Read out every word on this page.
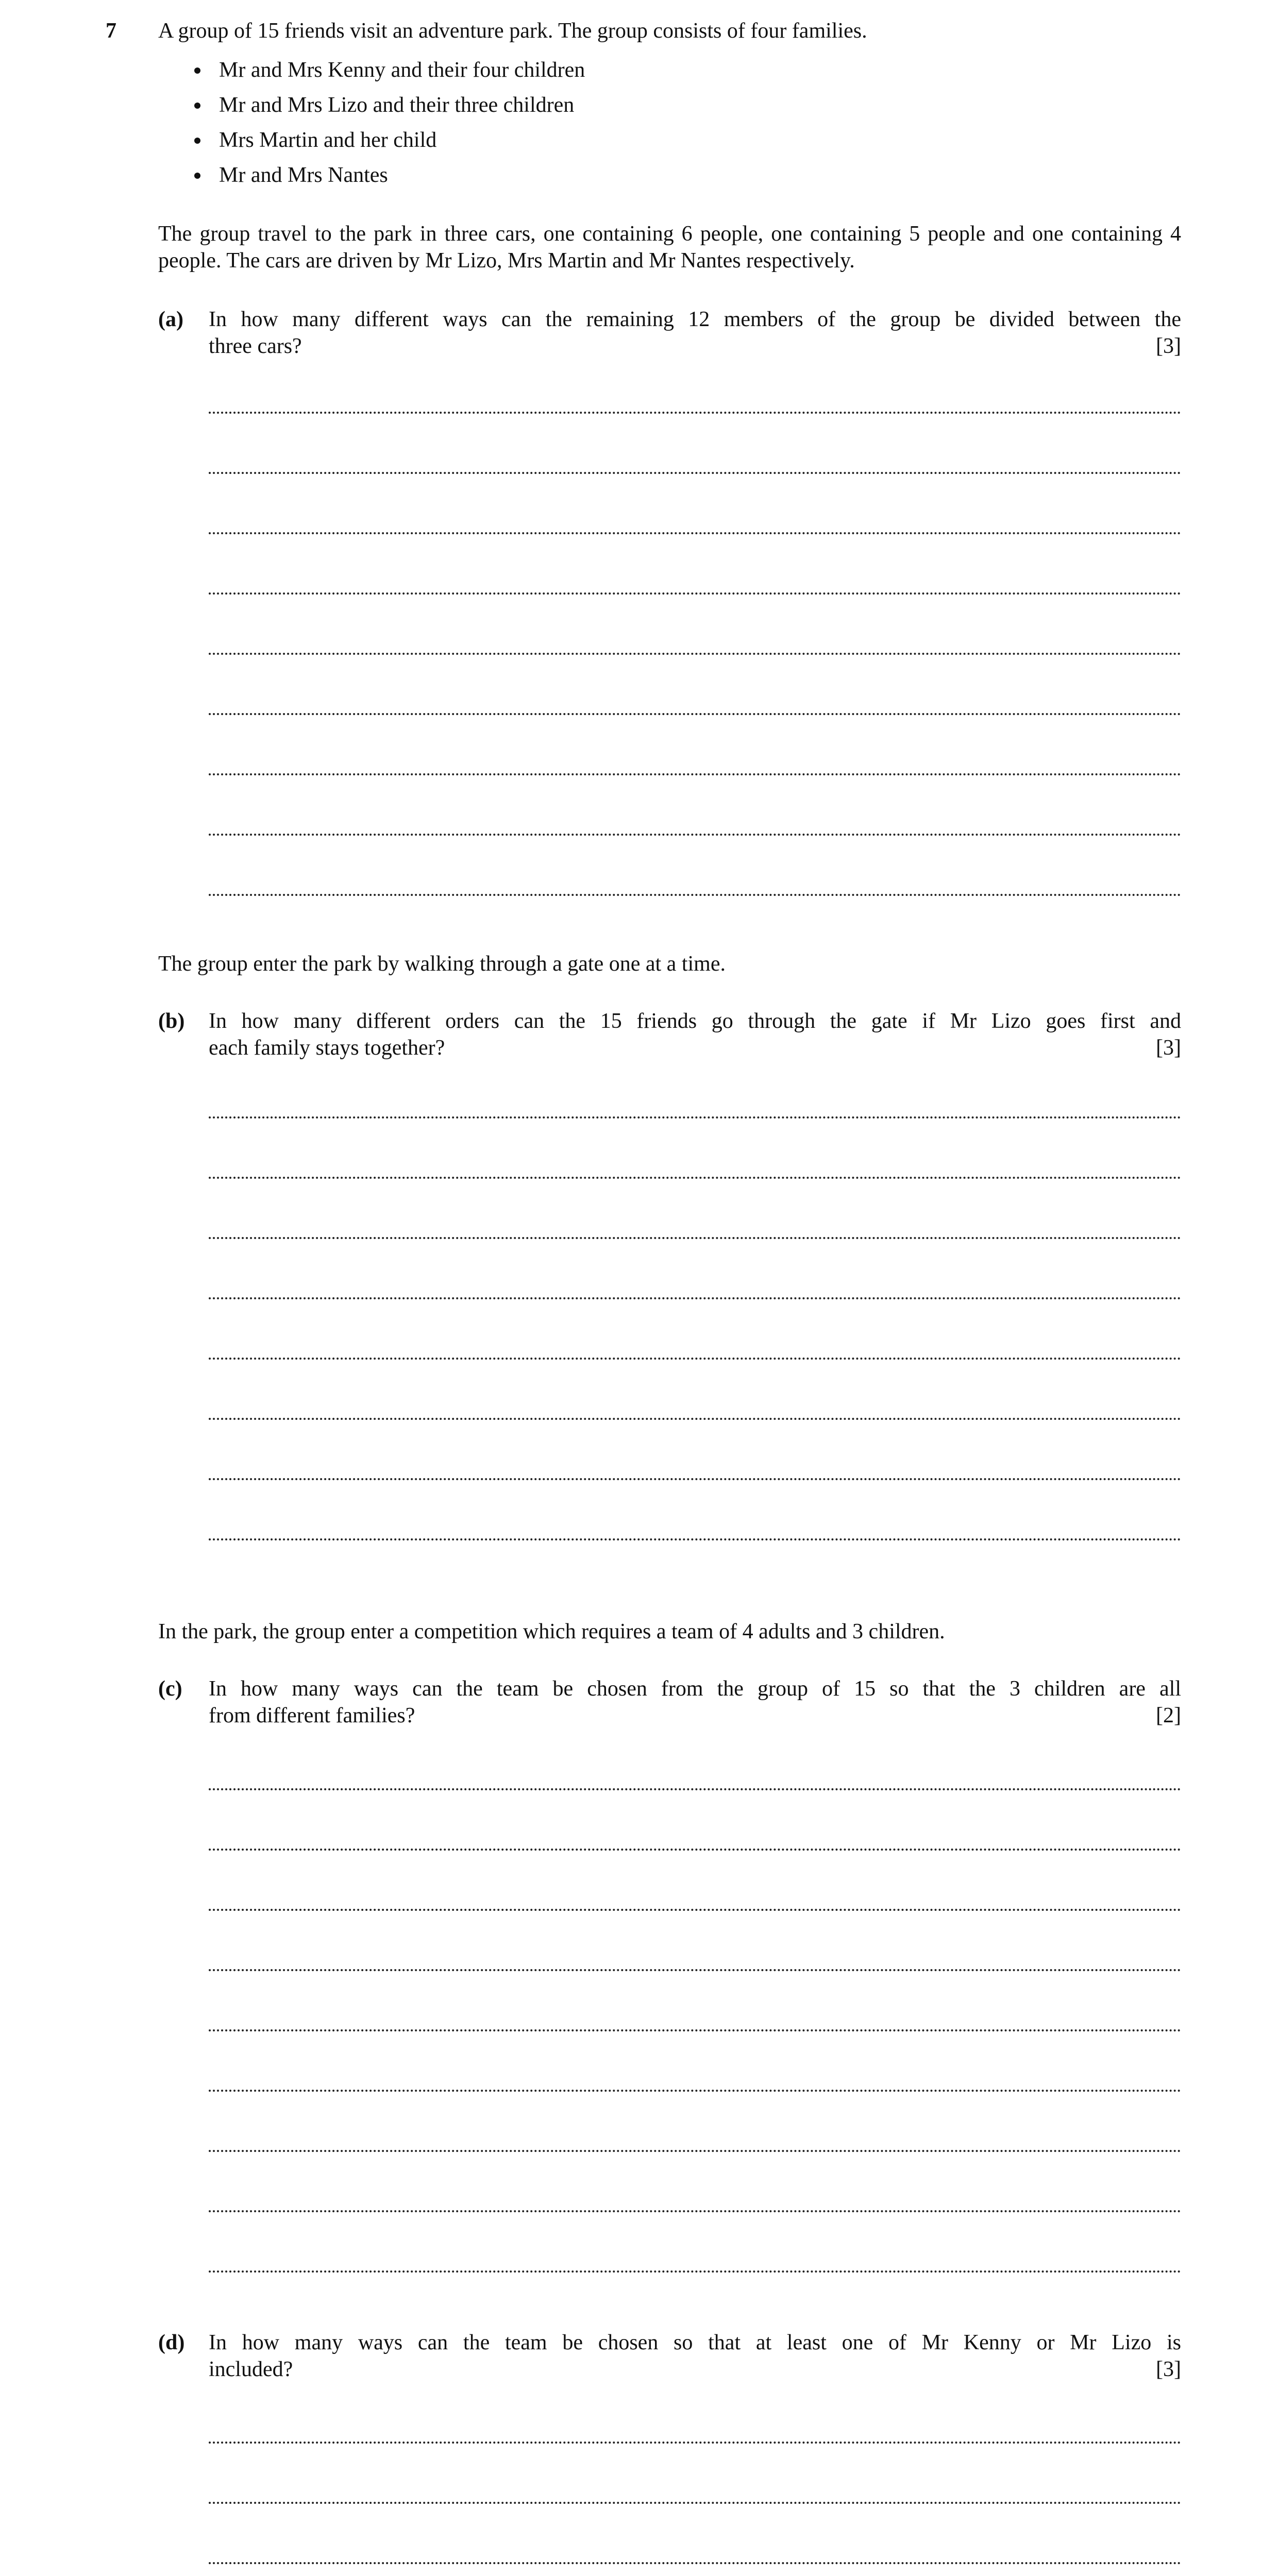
7 A group of 15 friends visit an adventure park. The group consists of four families.

Mr and Mrs Kenny and their four children
Mr and Mrs Lizo and their three children
Mrs Martin and her child
Mr and Mrs Nantes

The group travel to the park in three cars, one containing 6 people, one containing 5 people and one containing 4 people. The cars are driven by Mr Lizo, Mrs Martin and Mr Nantes respectively.

(a) In how many different ways can the remaining 12 members of the group be divided between the
three cars?	[3]

The group enter the park by walking through a gate one at a time.

(b) In how many different orders can the 15 friends go through the gate if Mr Lizo goes first and
each family stays together?	[3]

In the park, the group enter a competition which requires a team of 4 adults and 3 children.

(c) In how many ways can the team be chosen from the group of 15 so that the 3 children are all
from different families?	[2]
(d) In how many ways can the team be chosen so that at least one of Mr Kenny or Mr Lizo is
included?	[3]
